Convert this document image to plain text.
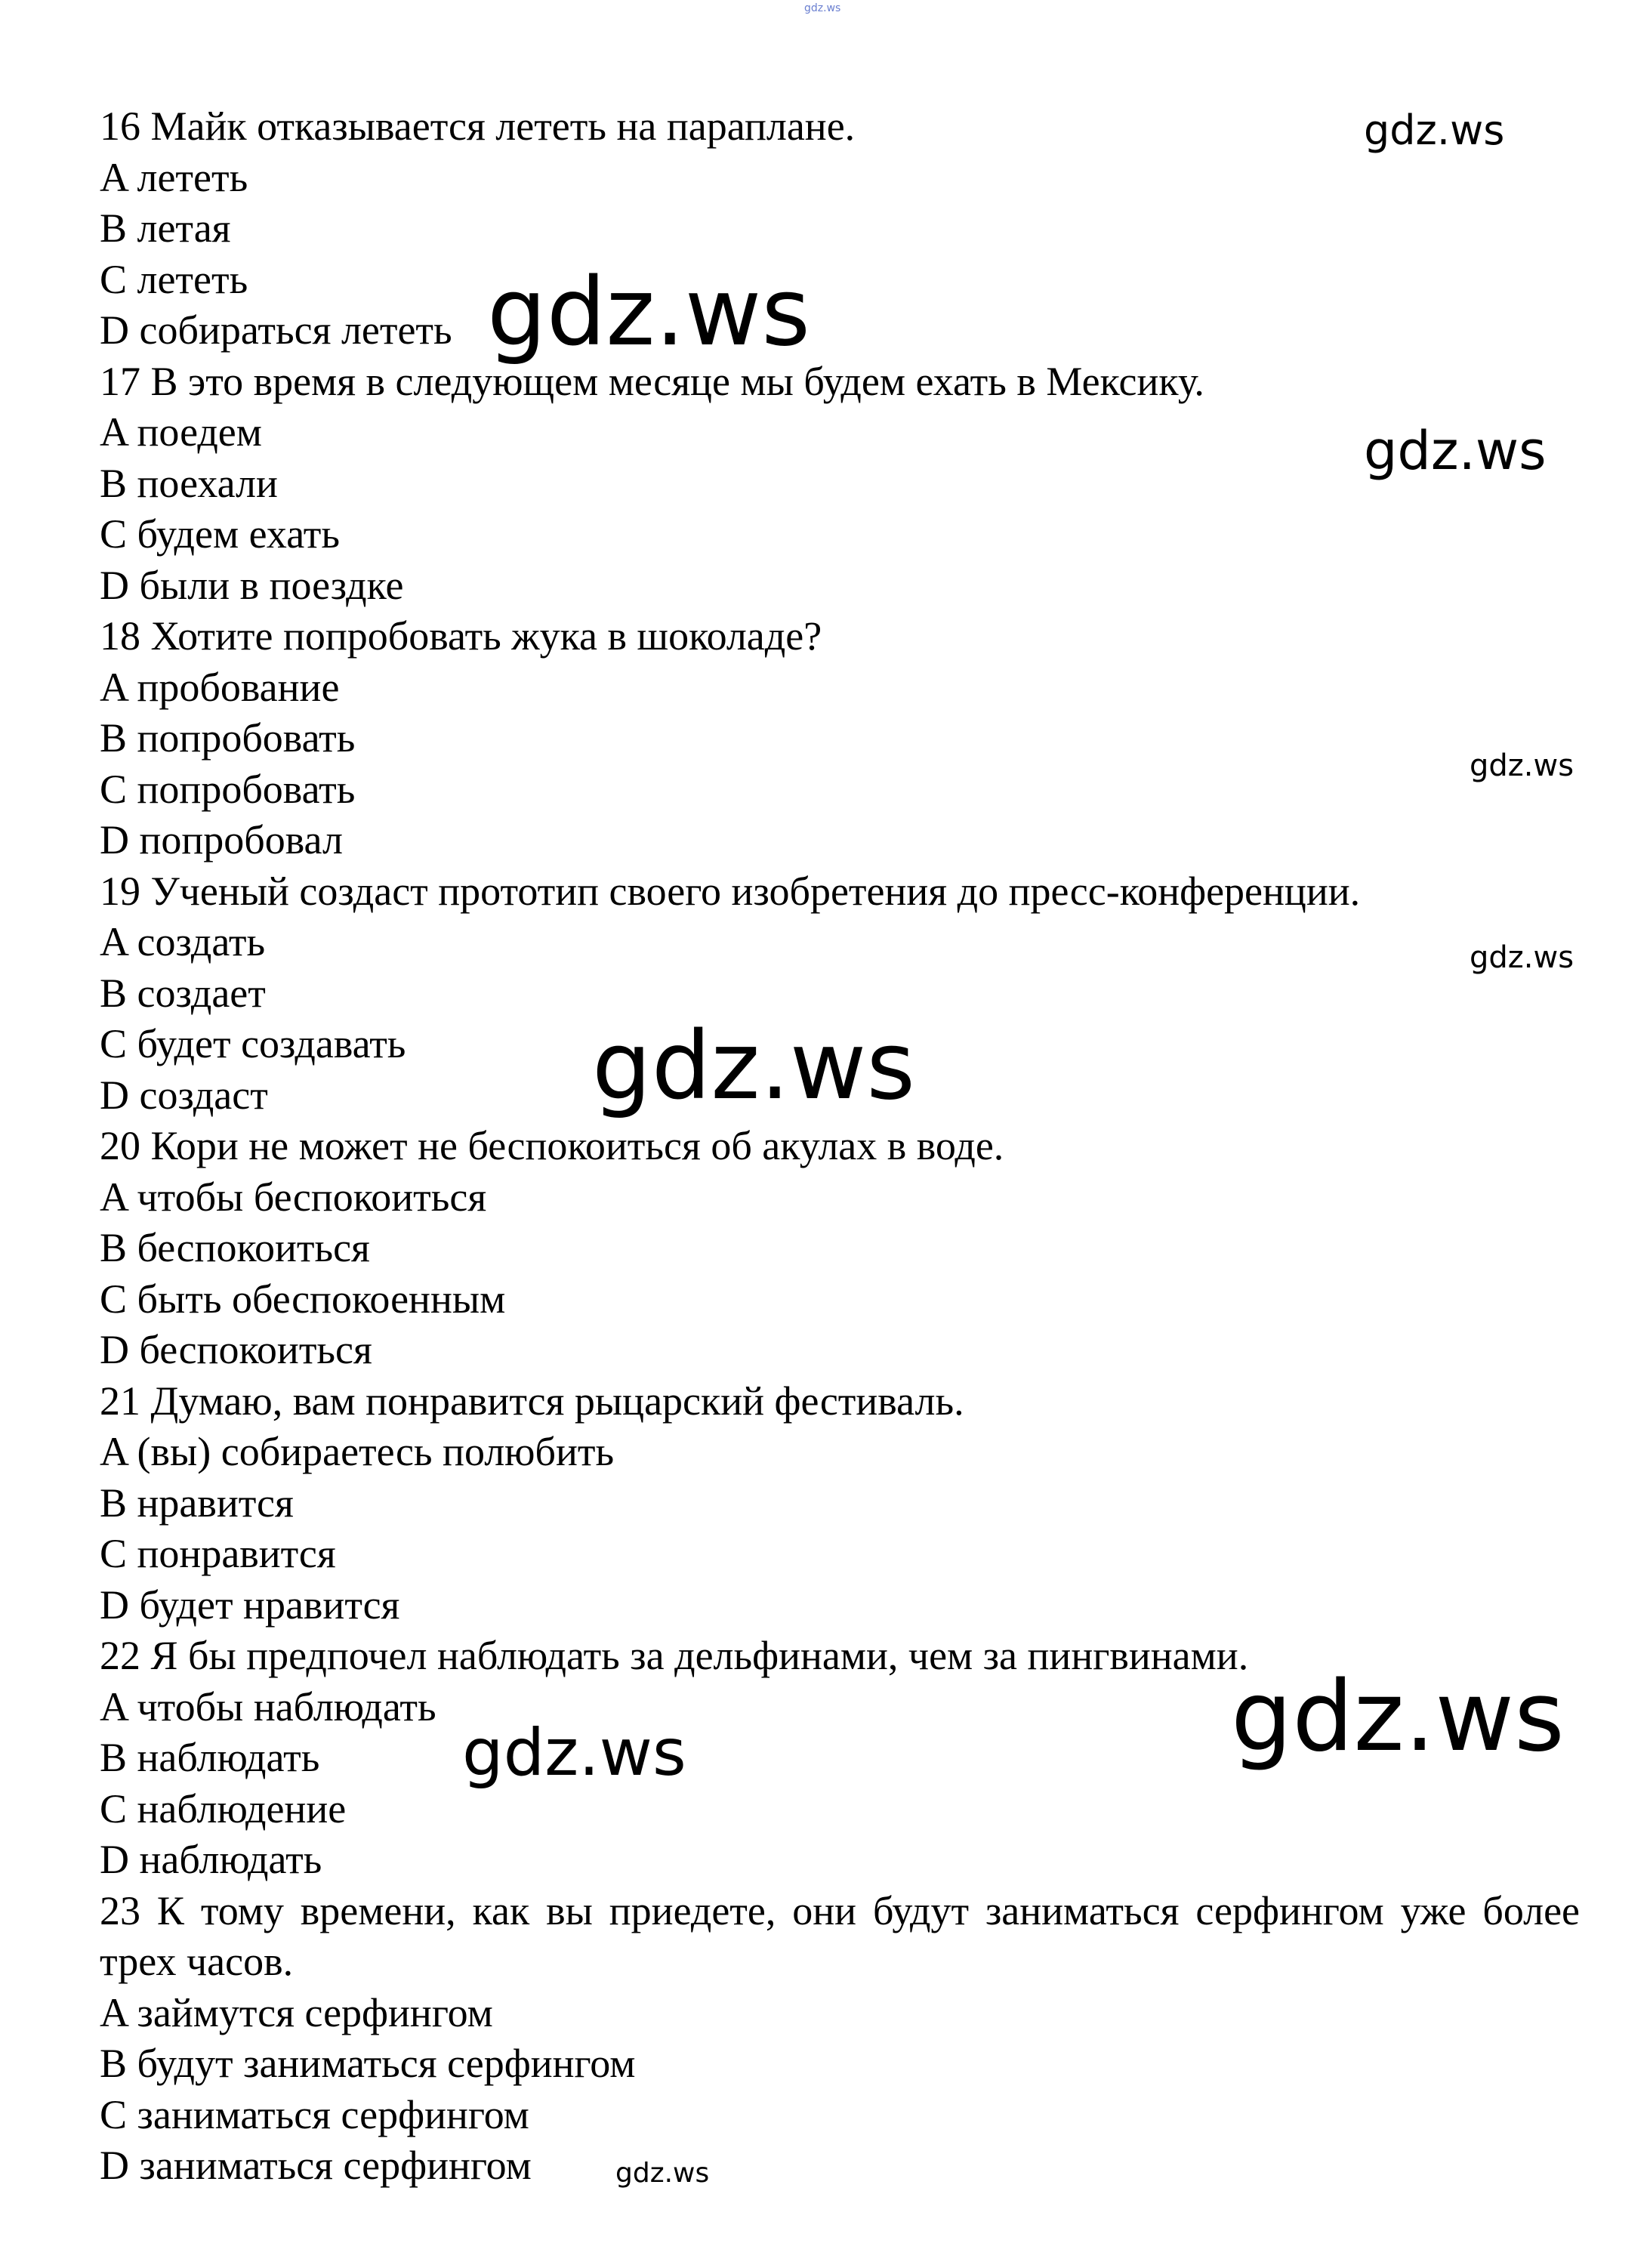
gdz.ws
16 Майк отказывается лететь на параплане.
A лететь
B летая
C лететь
D собираться лететь
17 В это время в следующем месяце мы будем ехать в Мексику.
A поедем
B поехали
C будем ехать
D были в поездке
18 Хотите попробовать жука в шоколаде?
A пробование
B попробовать
C попробовать
D попробовал
19 Ученый создаст прототип своего изобретения до пресс-конференции.
A создать
B создает
C будет создавать
D создаст
20 Кори не может не беспокоиться об акулах в воде.
A чтобы беспокоиться
B беспокоиться
C быть обеспокоенным
D беспокоиться
21 Думаю, вам понравится рыцарский фестиваль.
A (вы) собираетесь полюбить
B нравится
C понравится
D будет нравится
22 Я бы предпочел наблюдать за дельфинами, чем за пингвинами.
A чтобы наблюдать
B наблюдать
C наблюдение
D наблюдать
23 К тому времени, как вы приедете, они будут заниматься серфингом уже более трех часов.
A займутся серфингом
B будут заниматься серфингом
C заниматься серфингом
D заниматься серфингом
gdz.ws
gdz.ws
gdz.ws
gdz.ws
gdz.ws
gdz.ws
gdz.ws
gdz.ws
gdz.ws
